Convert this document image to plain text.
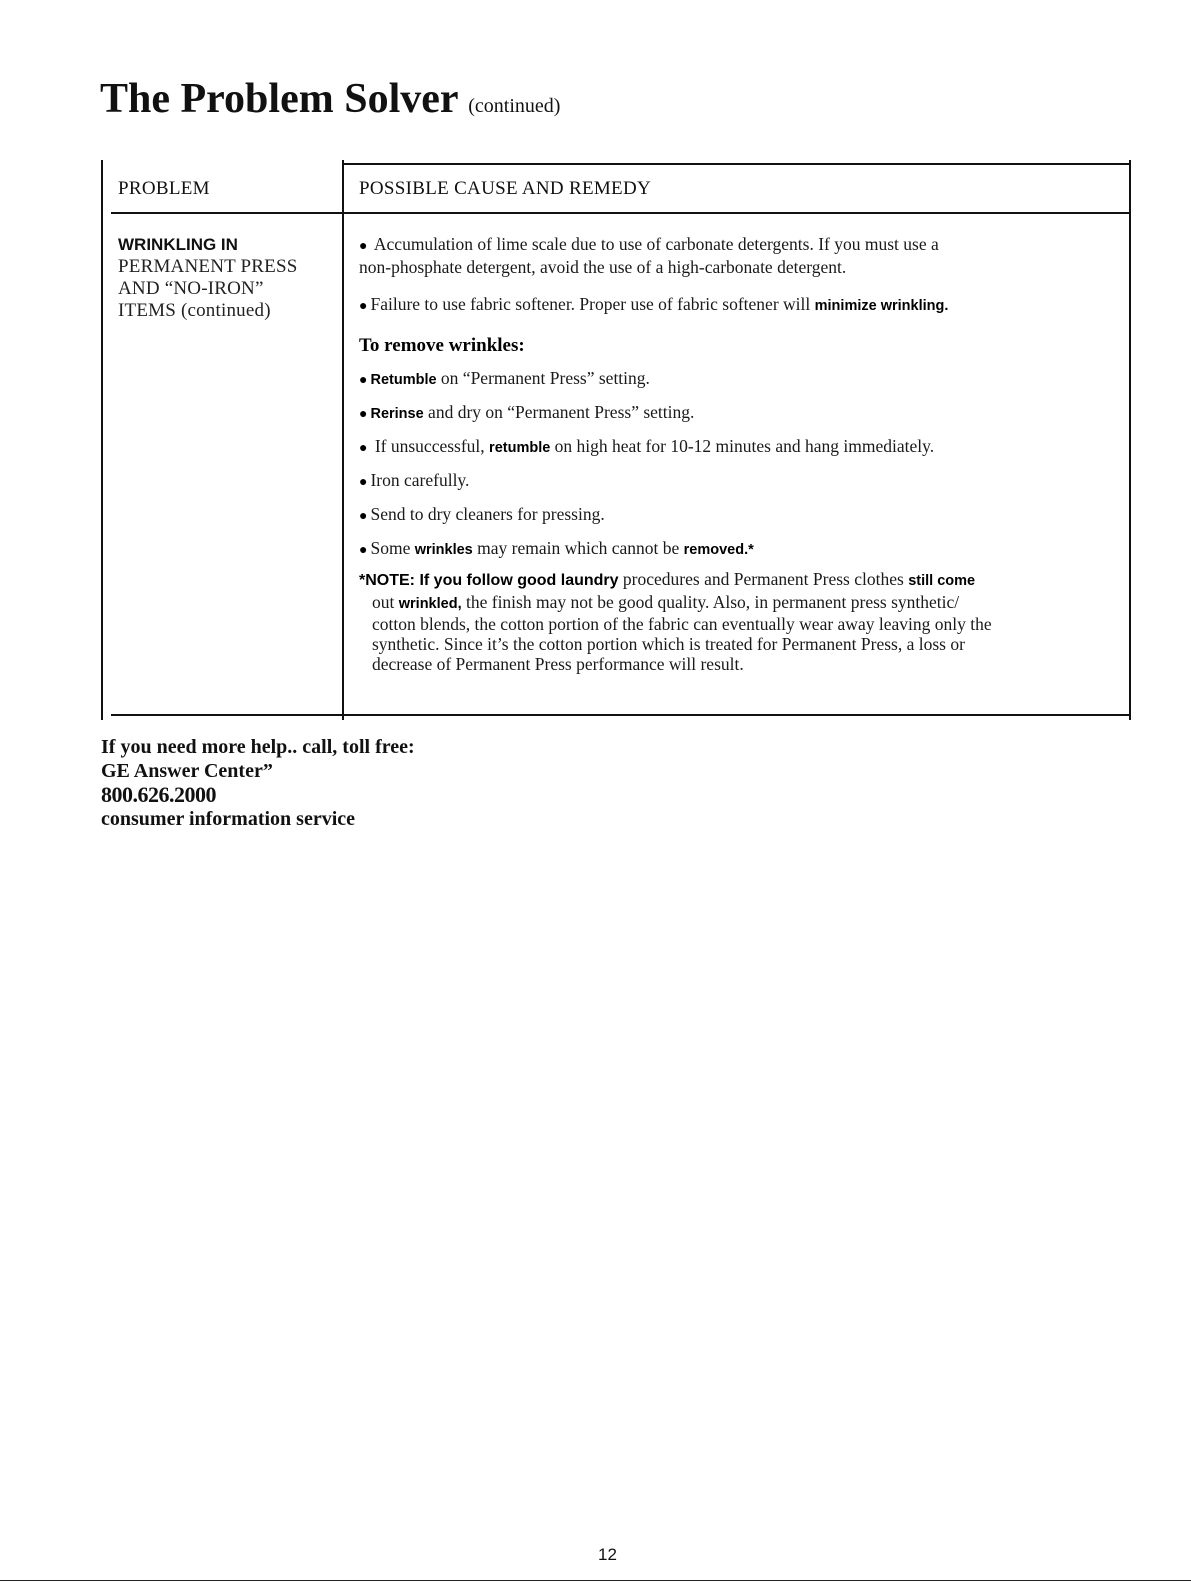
The Problem Solver (continued)
PROBLEM	POSSIBLE CAUSE AND REMEDY
WRINKLING IN
PERMANENT PRESS
AND “NO-IRON”
ITEMS (continued)

● Accumulation of lime scale due to use of carbonate detergents. If you must use a

non-phosphate detergent, avoid the use of a high-carbonate detergent.

● Failure to use fabric softener. Proper use of fabric softener will minimize wrinkling.

To remove wrinkles:

● Retumble on “Permanent Press” setting.

● Rerinse and dry on “Permanent Press” setting.

● If unsuccessful, retumble on high heat for 10-12 minutes and hang immediately.

● Iron carefully.

● Send to dry cleaners for pressing.

● Some wrinkles may remain which cannot be removed.*

*NOTE: If you follow good laundry procedures and Permanent Press clothes still come

out wrinkled, the finish may not be good quality. Also, in permanent press synthetic/

cotton blends, the cotton portion of the fabric can eventually wear away leaving only the

synthetic. Since it’s the cotton portion which is treated for Permanent Press, a loss or

decrease of Permanent Press performance will result.

If you need more help.. call, toll free:
GE Answer Center”
800.626.2000
consumer information service
12
